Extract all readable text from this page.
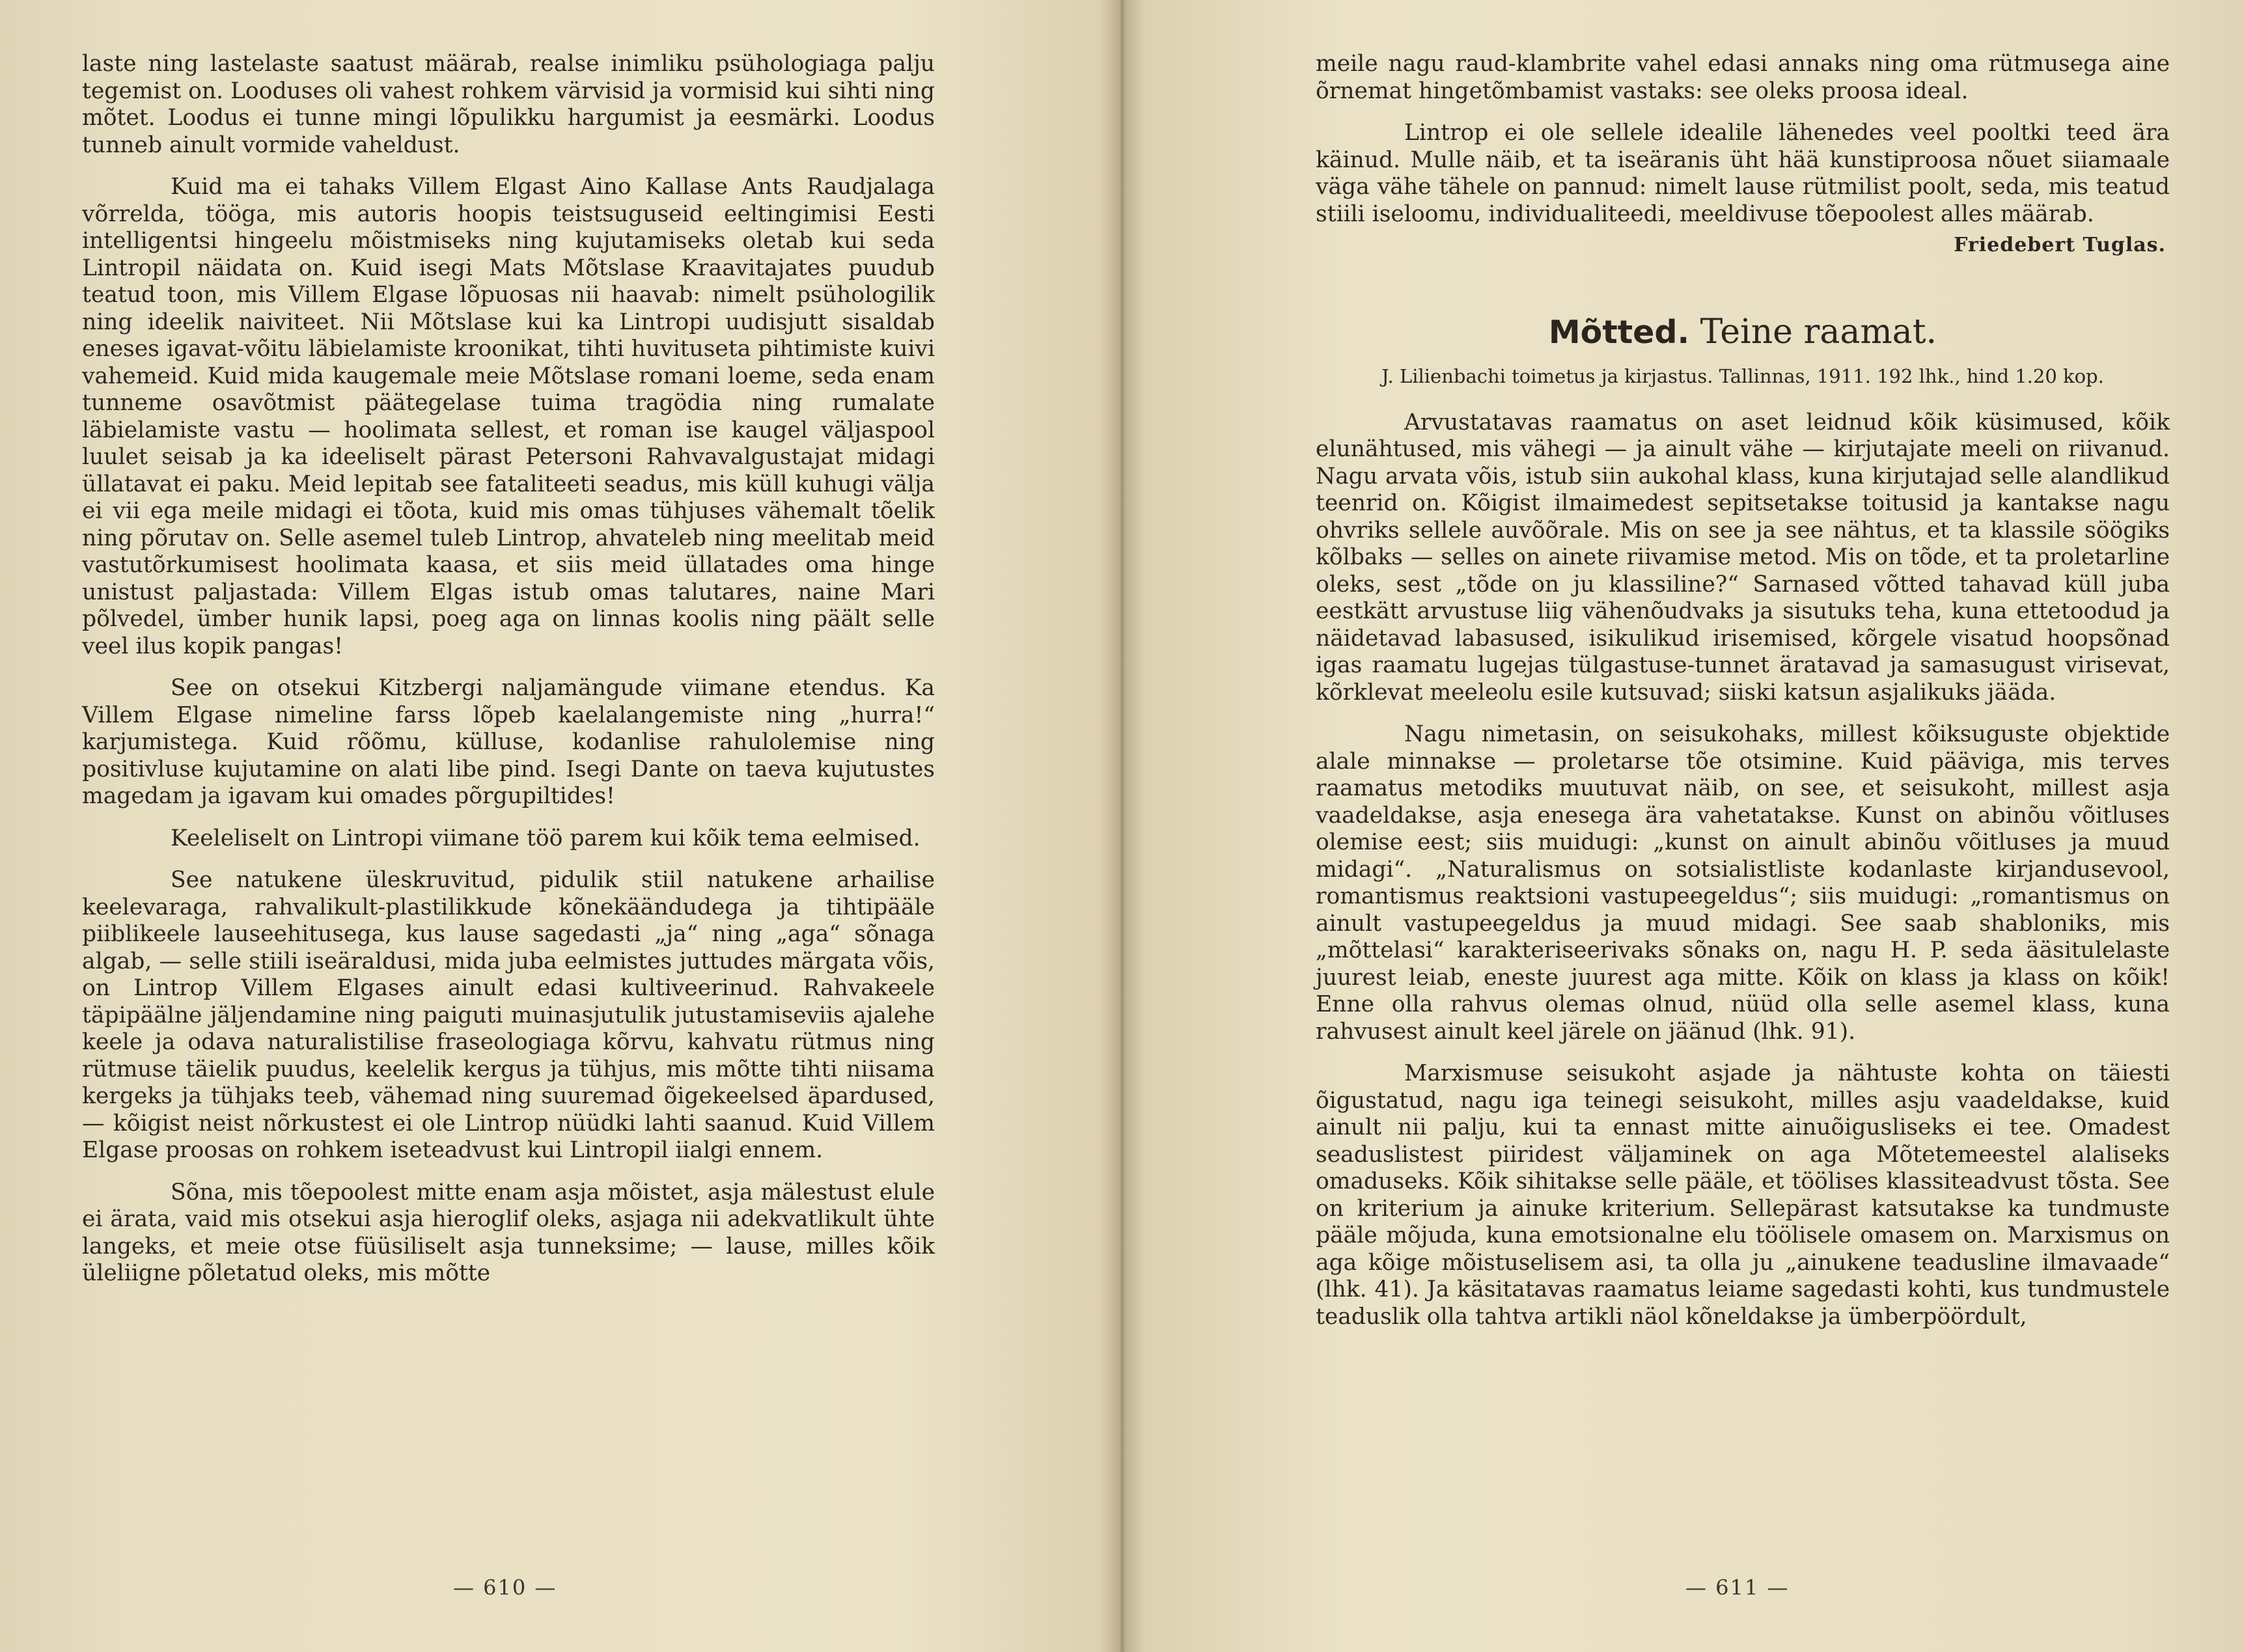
laste ning lastelaste saatust määrab, realse inimliku psühologiaga palju tegemist on. Looduses oli vahest rohkem värvisid ja vormisid kui sihti ning mõtet. Loodus ei tunne mingi lõpulikku hargumist ja eesmärki. Loodus tunneb ainult vormide vaheldust.

Kuid ma ei tahaks Villem Elgast Aino Kallase Ants Raudjalaga võrrelda, tööga, mis autoris hoopis teistsuguseid eeltingimisi Eesti intelligentsi hingeelu mõistmiseks ning kujutamiseks oletab kui seda Lintropil näidata on. Kuid isegi Mats Mõtslase Kraavitajates puudub teatud toon, mis Villem Elgase lõpuosas nii haavab: nimelt psühologilik ning ideelik naiviteet. Nii Mõtslase kui ka Lintropi uudisjutt sisaldab eneses igavat-võitu läbielamiste kroonikat, tihti huvituseta pihtimiste kuivi vahemeid. Kuid mida kaugemale meie Mõtslase romani loeme, seda enam tunneme osavõtmist päätegelase tuima tragödia ning rumalate läbielamiste vastu — hoolimata sellest, et roman ise kaugel väljaspool luulet seisab ja ka ideeliselt pärast Petersoni Rahvavalgustajat midagi üllatavat ei paku. Meid lepitab see fataliteeti seadus, mis küll kuhugi välja ei vii ega meile midagi ei tõota, kuid mis omas tühjuses vähemalt tõelik ning põrutav on. Selle asemel tuleb Lintrop, ahvateleb ning meelitab meid vastutõrkumisest hoolimata kaasa, et siis meid üllatades oma hinge unistust paljastada: Villem Elgas istub omas talutares, naine Mari põlvedel, ümber hunik lapsi, poeg aga on linnas koolis ning päält selle veel ilus kopik pangas!

See on otsekui Kitzbergi naljamängude viimane etendus. Ka Villem Elgase nimeline farss lõpeb kaelalangemiste ning „hurra!“ karjumistega. Kuid rõõmu, külluse, kodanlise rahulolemise ning positivluse kujutamine on alati libe pind. Isegi Dante on taeva kujutustes magedam ja igavam kui omades põrgupiltides!

Keeleliselt on Lintropi viimane töö parem kui kõik tema eelmised.

See natukene üleskruvitud, pidulik stiil natukene arhailise keelevaraga, rahvalikult-plastilikkude kõnekäändudega ja tihtipääle piiblikeele lauseehitusega, kus lause sagedasti „ja“ ning „aga“ sõnaga algab, — selle stiili iseäraldusi, mida juba eelmistes juttudes märgata võis, on Lintrop Villem Elgases ainult edasi kultiveerinud. Rahvakeele täpipäälne jäljendamine ning paiguti muinasjutulik jutustamiseviis ajalehe keele ja odava naturalistilise fraseologiaga kõrvu, kahvatu rütmus ning rütmuse täielik puudus, keelelik kergus ja tühjus, mis mõtte tihti niisama kergeks ja tühjaks teeb, vähemad ning suuremad õigekeelsed äpardused, — kõigist neist nõrkustest ei ole Lintrop nüüdki lahti saanud. Kuid Villem Elgase proosas on rohkem iseteadvust kui Lintropil iialgi ennem.

Sõna, mis tõepoolest mitte enam asja mõistet, asja mälestust elule ei ärata, vaid mis otsekui asja hieroglif oleks, asjaga nii adekvatlikult ühte langeks, et meie otse füüsiliselt asja tunneksime; — lause, milles kõik üleliigne põletatud oleks, mis mõtte

— 610 —

meile nagu raud-klambrite vahel edasi annaks ning oma rütmusega aine õrnemat hingetõmbamist vastaks: see oleks proosa ideal.

Lintrop ei ole sellele idealile lähenedes veel pooltki teed ära käinud. Mulle näib, et ta iseäranis üht hää kunstiproosa nõuet siiamaale väga vähe tähele on pannud: nimelt lause rütmilist poolt, seda, mis teatud stiili iseloomu, individualiteedi, meeldivuse tõepoolest alles määrab.

Friedebert Tuglas.
Mõtted. Teine raamat.
J. Lilienbachi toimetus ja kirjastus. Tallinnas, 1911. 192 lhk., hind 1.20 kop.

Arvustatavas raamatus on aset leidnud kõik küsimused, kõik elunähtused, mis vähegi — ja ainult vähe — kirjutajate meeli on riivanud. Nagu arvata võis, istub siin aukohal klass, kuna kirjutajad selle alandlikud teenrid on. Kõigist ilmaimedest sepitsetakse toitusid ja kantakse nagu ohvriks sellele auvõõrale. Mis on see ja see nähtus, et ta klassile söögiks kõlbaks — selles on ainete riivamise metod. Mis on tõde, et ta proletarline oleks, sest „tõde on ju klassiline?“ Sarnased võtted tahavad küll juba eestkätt arvustuse liig vähenõudvaks ja sisutuks teha, kuna ettetoodud ja näidetavad labasused, isikulikud irisemised, kõrgele visatud hoopsõnad igas raamatu lugejas tülgastuse-tunnet äratavad ja samasugust virisevat, kõrklevat meeleolu esile kutsuvad; siiski katsun asjalikuks jääda.

Nagu nimetasin, on seisukohaks, millest kõiksuguste objektide alale minnakse — proletarse tõe otsimine. Kuid pääviga, mis terves raamatus metodiks muutuvat näib, on see, et seisukoht, millest asja vaadeldakse, asja enesega ära vahetatakse. Kunst on abinõu võitluses olemise eest; siis muidugi: „kunst on ainult abinõu võitluses ja muud midagi“. „Naturalismus on sotsialistliste kodanlaste kirjandusevool, romantismus reaktsioni vastupeegeldus“; siis muidugi: „romantismus on ainult vastupeegeldus ja muud midagi. See saab shabloniks, mis „mõttelasi“ karakteriseerivaks sõnaks on, nagu H. P. seda ääsitulelaste juurest leiab, eneste juurest aga mitte. Kõik on klass ja klass on kõik! Enne olla rahvus olemas olnud, nüüd olla selle asemel klass, kuna rahvusest ainult keel järele on jäänud (lhk. 91).

Marxismuse seisukoht asjade ja nähtuste kohta on täiesti õigustatud, nagu iga teinegi seisukoht, milles asju vaadeldakse, kuid ainult nii palju, kui ta ennast mitte ainuõigusliseks ei tee. Omadest seaduslistest piiridest väljaminek on aga Mõtetemeestel alaliseks omaduseks. Kõik sihitakse selle pääle, et töölises klassiteadvust tõsta. See on kriterium ja ainuke kriterium. Sellepärast katsutakse ka tundmuste pääle mõjuda, kuna emotsionalne elu töölisele omasem on. Marxismus on aga kõige mõistuselisem asi, ta olla ju „ainukene teadusline ilmavaade“ (lhk. 41). Ja käsitatavas raamatus leiame sagedasti kohti, kus tundmustele teaduslik olla tahtva artikli näol kõneldakse ja ümberpöördult,

— 611 —
